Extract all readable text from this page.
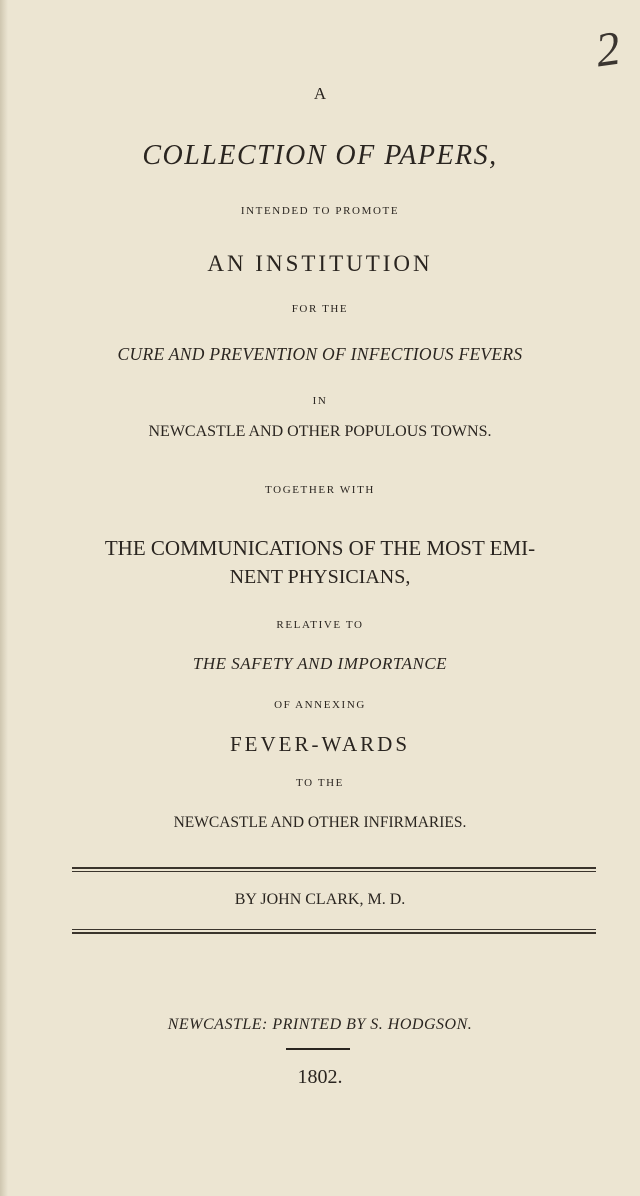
2
A
COLLECTION OF PAPERS,
INTENDED TO PROMOTE
AN INSTITUTION
FOR THE
CURE AND PREVENTION OF INFECTIOUS FEVERS
IN
NEWCASTLE AND OTHER POPULOUS TOWNS.
TOGETHER WITH
THE COMMUNICATIONS OF THE MOST EMI-
NENT PHYSICIANS,
RELATIVE TO
THE SAFETY AND IMPORTANCE
OF ANNEXING
FEVER-WARDS
TO THE
NEWCASTLE AND OTHER INFIRMARIES.
BY JOHN CLARK, M. D.
NEWCASTLE: PRINTED BY S. HODGSON.
1802.
